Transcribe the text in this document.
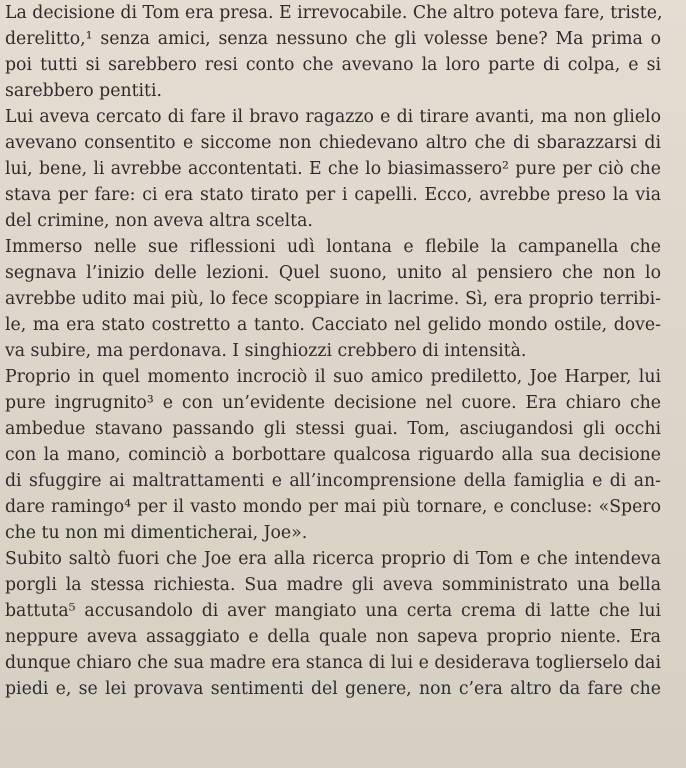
La decisione di Tom era presa. E irrevocabile. Che altro poteva fare, triste,
derelitto,¹ senza amici, senza nessuno che gli volesse bene? Ma prima o
poi tutti si sarebbero resi conto che avevano la loro parte di colpa, e si
sarebbero pentiti.
Lui aveva cercato di fare il bravo ragazzo e di tirare avanti, ma non glielo
avevano consentito e siccome non chiedevano altro che di sbarazzarsi di
lui, bene, li avrebbe accontentati. E che lo biasimassero² pure per ciò che
stava per fare: ci era stato tirato per i capelli. Ecco, avrebbe preso la via
del crimine, non aveva altra scelta.
Immerso nelle sue riflessioni udì lontana e flebile la campanella che
segnava l’inizio delle lezioni. Quel suono, unito al pensiero che non lo
avrebbe udito mai più, lo fece scoppiare in lacrime. Sì, era proprio terribi-
le, ma era stato costretto a tanto. Cacciato nel gelido mondo ostile, dove-
va subire, ma perdonava. I singhiozzi crebbero di intensità.
Proprio in quel momento incrociò il suo amico prediletto, Joe Harper, lui
pure ingrugnito³ e con un’evidente decisione nel cuore. Era chiaro che
ambedue stavano passando gli stessi guai. Tom, asciugandosi gli occhi
con la mano, cominciò a borbottare qualcosa riguardo alla sua decisione
di sfuggire ai maltrattamenti e all’incomprensione della famiglia e di an-
dare ramingo⁴ per il vasto mondo per mai più tornare, e concluse: «Spero
che tu non mi dimenticherai, Joe».
Subito saltò fuori che Joe era alla ricerca proprio di Tom e che intendeva
porgli la stessa richiesta. Sua madre gli aveva somministrato una bella
battuta⁵ accusandolo di aver mangiato una certa crema di latte che lui
neppure aveva assaggiato e della quale non sapeva proprio niente. Era
dunque chiaro che sua madre era stanca di lui e desiderava toglierselo dai
piedi e, se lei provava sentimenti del genere, non c’era altro da fare che
